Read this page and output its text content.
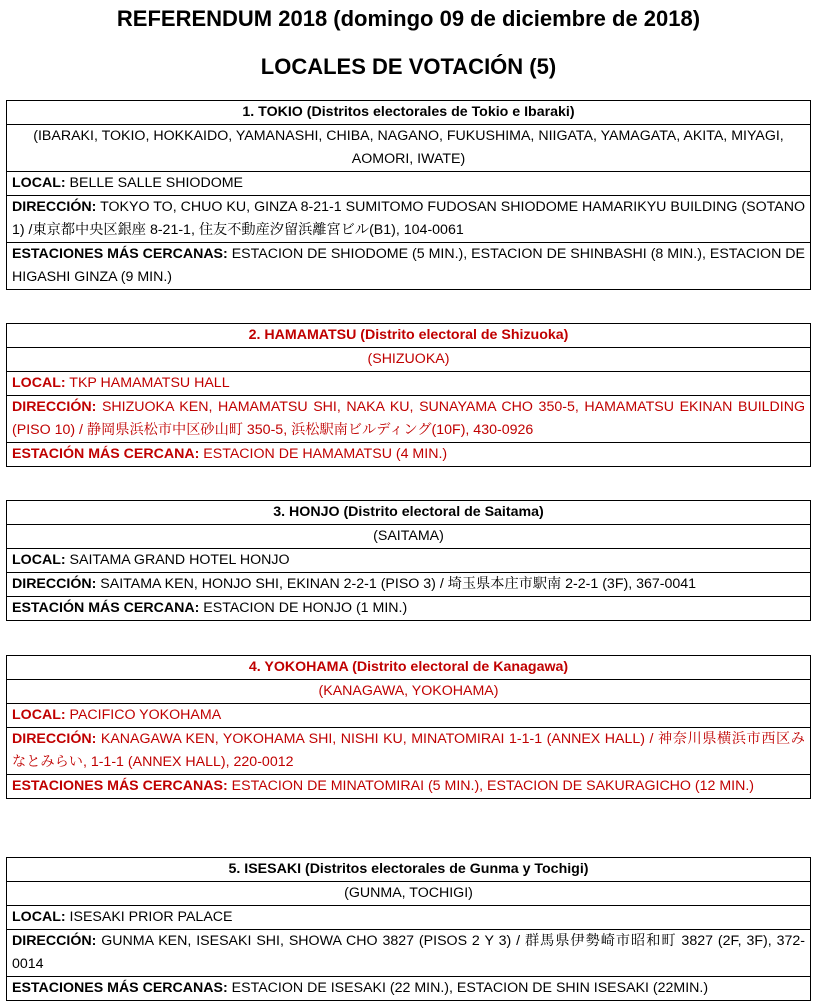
REFERENDUM 2018 (domingo 09 de diciembre de 2018)
LOCALES DE VOTACIÓN (5)
1. TOKIO (Distritos electorales de Tokio e Ibaraki)
(IBARAKI, TOKIO, HOKKAIDO, YAMANASHI, CHIBA, NAGANO, FUKUSHIMA, NIIGATA, YAMAGATA, AKITA, MIYAGI, AOMORI, IWATE)
LOCAL: BELLE SALLE SHIODOME
DIRECCIÓN: TOKYO TO, CHUO KU, GINZA 8-21-1 SUMITOMO FUDOSAN SHIODOME HAMARIKYU BUILDING (SOTANO 1) /東京都中央区銀座 8-21-1, 住友不動産汐留浜離宮ビル(B1), 104-0061
ESTACIONES MÁS CERCANAS: ESTACION DE SHIODOME (5 MIN.), ESTACION DE SHINBASHI (8 MIN.), ESTACION DE HIGASHI GINZA (9 MIN.)
2. HAMAMATSU (Distrito electoral de Shizuoka)
(SHIZUOKA)
LOCAL: TKP HAMAMATSU HALL
DIRECCIÓN: SHIZUOKA KEN, HAMAMATSU SHI, NAKA KU, SUNAYAMA CHO 350-5, HAMAMATSU EKINAN BUILDING (PISO 10) / 静岡県浜松市中区砂山町 350-5, 浜松駅南ビルディング(10F), 430-0926
ESTACIÓN MÁS CERCANA: ESTACION DE HAMAMATSU (4 MIN.)
3. HONJO (Distrito electoral de Saitama)
(SAITAMA)
LOCAL: SAITAMA GRAND HOTEL HONJO
DIRECCIÓN: SAITAMA KEN, HONJO SHI, EKINAN 2-2-1 (PISO 3) / 埼玉県本庄市駅南 2-2-1 (3F), 367-0041
ESTACIÓN MÁS CERCANA: ESTACION DE HONJO (1 MIN.)
4. YOKOHAMA (Distrito electoral de Kanagawa)
(KANAGAWA, YOKOHAMA)
LOCAL: PACIFICO YOKOHAMA
DIRECCIÓN: KANAGAWA KEN, YOKOHAMA SHI, NISHI KU, MINATOMIRAI 1-1-1 (ANNEX HALL) / 神奈川県横浜市西区みなとみらい, 1-1-1 (ANNEX HALL), 220-0012
ESTACIONES MÁS CERCANAS: ESTACION DE MINATOMIRAI (5 MIN.), ESTACION DE SAKURAGICHO (12 MIN.)
5. ISESAKI (Distritos electorales de Gunma y Tochigi)
(GUNMA, TOCHIGI)
LOCAL: ISESAKI PRIOR PALACE
DIRECCIÓN: GUNMA KEN, ISESAKI SHI, SHOWA CHO 3827 (PISOS 2 Y 3) / 群馬県伊勢崎市昭和町 3827 (2F, 3F), 372-0014
ESTACIONES MÁS CERCANAS: ESTACION DE ISESAKI (22 MIN.), ESTACION DE SHIN ISESAKI (22MIN.)
